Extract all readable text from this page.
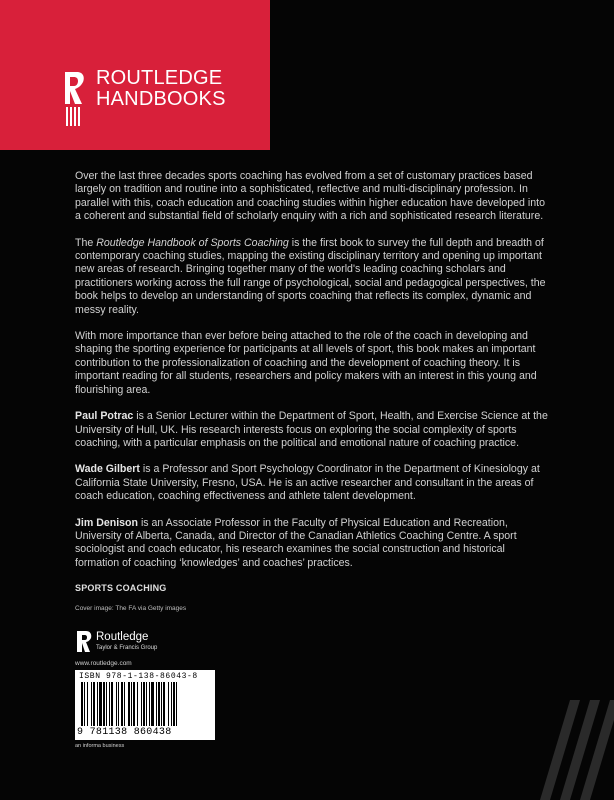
ROUTLEDGE
HANDBOOKS

Over the last three decades sports coaching has evolved from a set of customary practices based largely on tradition and routine into a sophisticated, reflective and multi-disciplinary profession. In parallel with this, coach education and coaching studies within higher education have developed into a coherent and substantial field of scholarly enquiry with a rich and sophisticated research literature.

The Routledge Handbook of Sports Coaching is the first book to survey the full depth and breadth of contemporary coaching studies, mapping the existing disciplinary territory and opening up important new areas of research. Bringing together many of the world's leading coaching scholars and practitioners working across the full range of psychological, social and pedagogical perspectives, the book helps to develop an understanding of sports coaching that reflects its complex, dynamic and messy reality.

With more importance than ever before being attached to the role of the coach in developing and shaping the sporting experience for participants at all levels of sport, this book makes an important contribution to the professionalization of coaching and the development of coaching theory. It is important reading for all students, researchers and policy makers with an interest in this young and flourishing area.

Paul Potrac is a Senior Lecturer within the Department of Sport, Health, and Exercise Science at the University of Hull, UK. His research interests focus on exploring the social complexity of sports coaching, with a particular emphasis on the political and emotional nature of coaching practice.

Wade Gilbert is a Professor and Sport Psychology Coordinator in the Department of Kinesiology at California State University, Fresno, USA. He is an active researcher and consultant in the areas of coach education, coaching effectiveness and athlete talent development.

Jim Denison is an Associate Professor in the Faculty of Physical Education and Recreation, University of Alberta, Canada, and Director of the Canadian Athletics Coaching Centre. A sport sociologist and coach educator, his research examines the social construction and historical formation of coaching ‘knowledges’ and coaches’ practices.

SPORTS COACHING
Cover image: The FA via Getty images
Routledge
Taylor & Francis Group
www.routledge.com
ISBN 978-1-138-86043-8
9 781138 860438
an informa business
